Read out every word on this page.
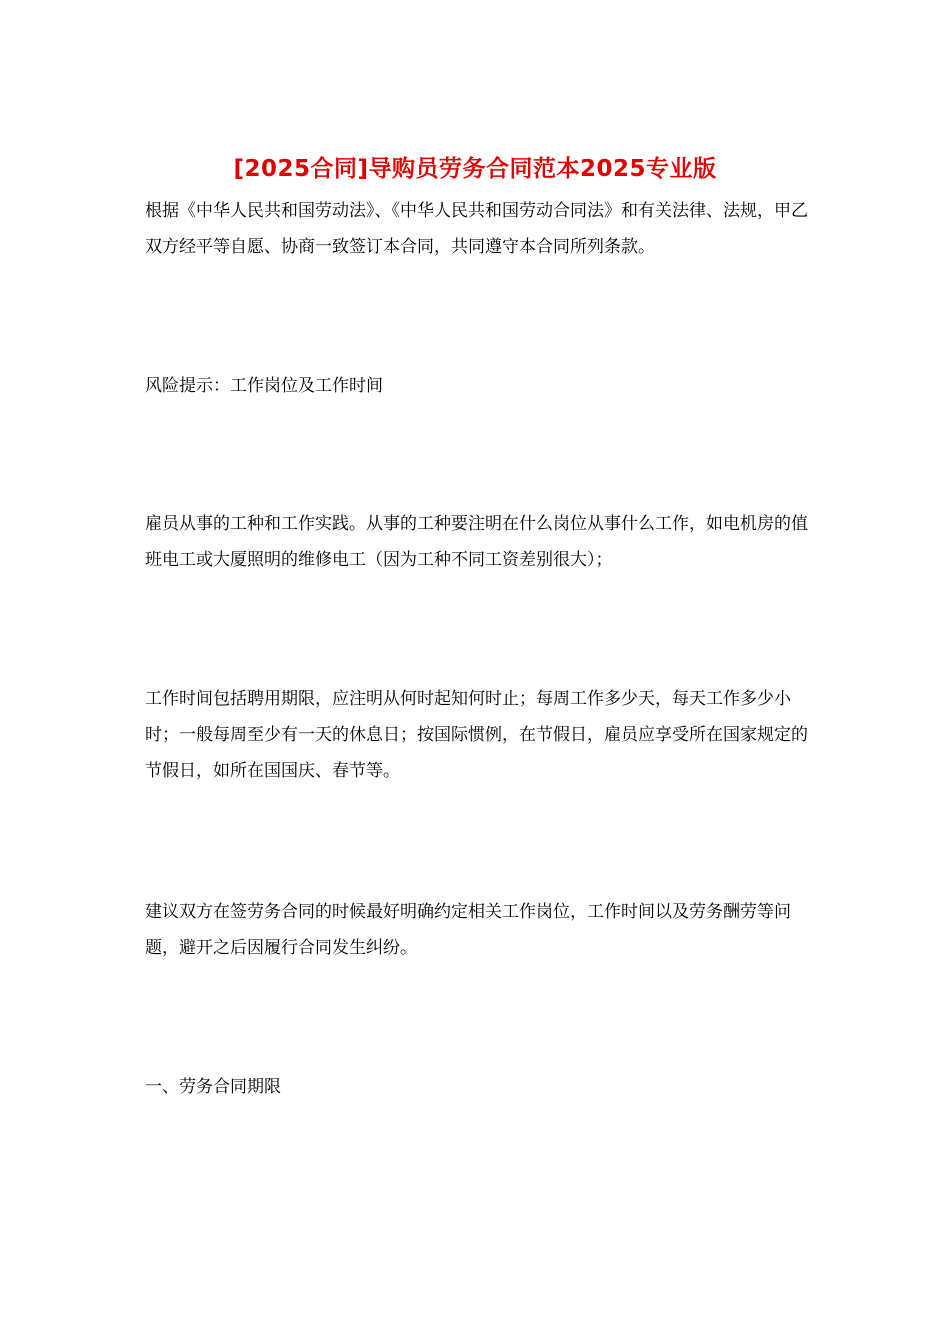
[2025合同]导购员劳务合同范本2025专业版

根据《中华人民共和国劳动法》、《中华人民共和国劳动合同法》和有关法律、法规，甲乙双方经平等自愿、协商一致签订本合同，共同遵守本合同所列条款。

风险提示：工作岗位及工作时间

雇员从事的工种和工作实践。从事的工种要注明在什么岗位从事什么工作，如电机房的值班电工或大厦照明的维修电工（因为工种不同工资差别很大）；

工作时间包括聘用期限，应注明从何时起知何时止；每周工作多少天，每天工作多少小时；一般每周至少有一天的休息日；按国际惯例，在节假日，雇员应享受所在国家规定的节假日，如所在国国庆、春节等。

建议双方在签劳务合同的时候最好明确约定相关工作岗位，工作时间以及劳务酬劳等问题，避开之后因履行合同发生纠纷。

一、劳务合同期限
